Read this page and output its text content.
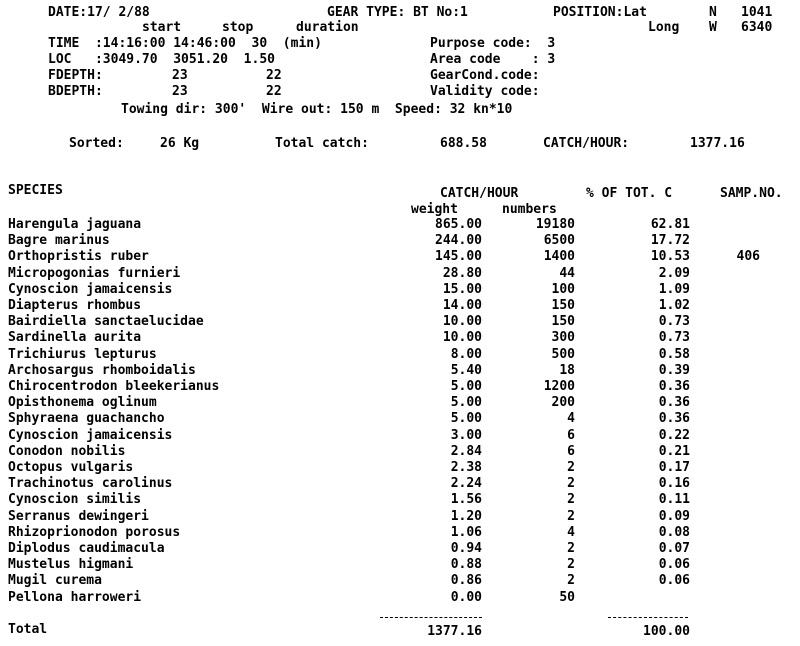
DATE:17/ 2/88	GEAR TYPE: BT No:1	POSITION:Lat	N 1041
start	stop	duration	Long W 6340
TIME  :14:16:00 14:46:00  30  (min)	Purpose code:  3
LOC   :3049.70  3051.20  1.50	Area code    : 3
FDEPTH:	23	22	GearCond.code:
BDEPTH:	23	22	Validity code:
Towing dir: 300'  Wire out: 150 m  Speed: 32 kn*10
Sorted:	26 Kg	Total catch:	688.58	CATCH/HOUR:	1377.16
SPECIES	CATCH/HOUR	% OF TOT. C	SAMP.NO.
weight	numbers
Harengula jaguana	865.00	19180	62.81
Bagre marinus	244.00	6500	17.72
Orthopristis ruber	145.00	1400	10.53	406
Micropogonias furnieri	28.80	44	2.09
Cynoscion jamaicensis	15.00	100	1.09
Diapterus rhombus	14.00	150	1.02
Bairdiella sanctaelucidae	10.00	150	0.73
Sardinella aurita	10.00	300	0.73
Trichiurus lepturus	8.00	500	0.58
Archosargus rhomboidalis	5.40	18	0.39
Chirocentrodon bleekerianus	5.00	1200	0.36
Opisthonema oglinum	5.00	200	0.36
Sphyraena guachancho	5.00	4	0.36
Cynoscion jamaicensis	3.00	6	0.22
Conodon nobilis	2.84	6	0.21
Octopus vulgaris	2.38	2	0.17
Trachinotus carolinus	2.24	2	0.16
Cynoscion similis	1.56	2	0.11
Serranus dewingeri	1.20	2	0.09
Rhizoprionodon porosus	1.06	4	0.08
Diplodus caudimacula	0.94	2	0.07
Mustelus higmani	0.88	2	0.06
Mugil curema	0.86	2	0.06
Pellona harroweri	0.00	50
Total	1377.16	100.00
